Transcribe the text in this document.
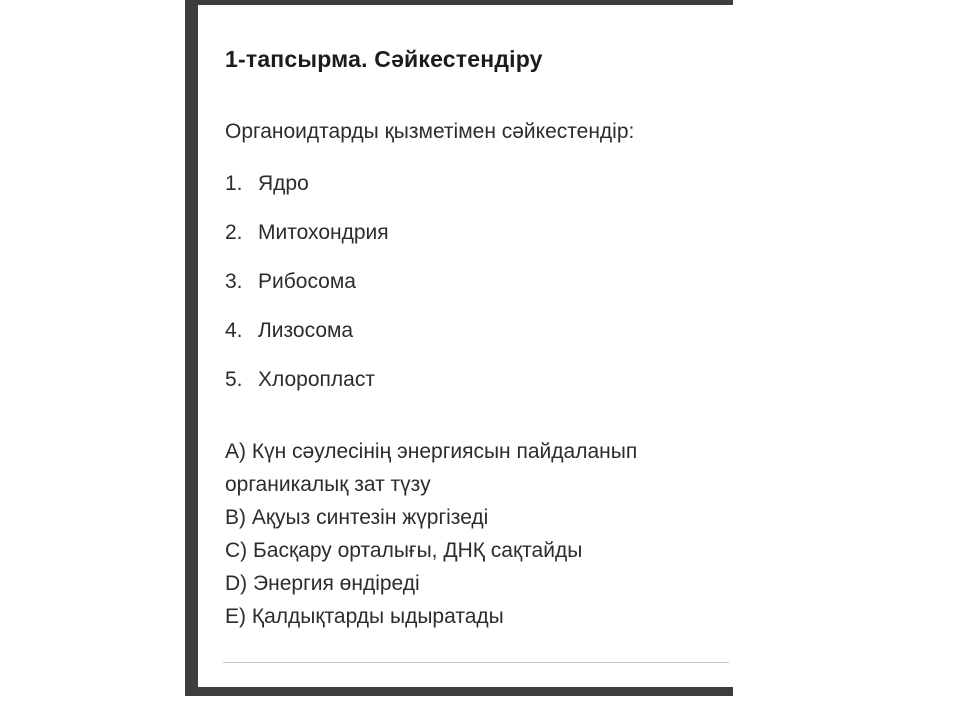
1-тапсырма. Сәйкестендіру
Органоидтарды қызметімен сәйкестендір:
1. Ядро
2. Митохондрия
3. Рибосома
4. Лизосома
5. Хлоропласт
A) Күн сәулесінің энергиясын пайдаланып органикалық зат түзу
B) Ақуыз синтезін жүргізеді
C) Басқару орталығы, ДНҚ сақтайды
D) Энергия өндіреді
E) Қалдықтарды ыдыратады
